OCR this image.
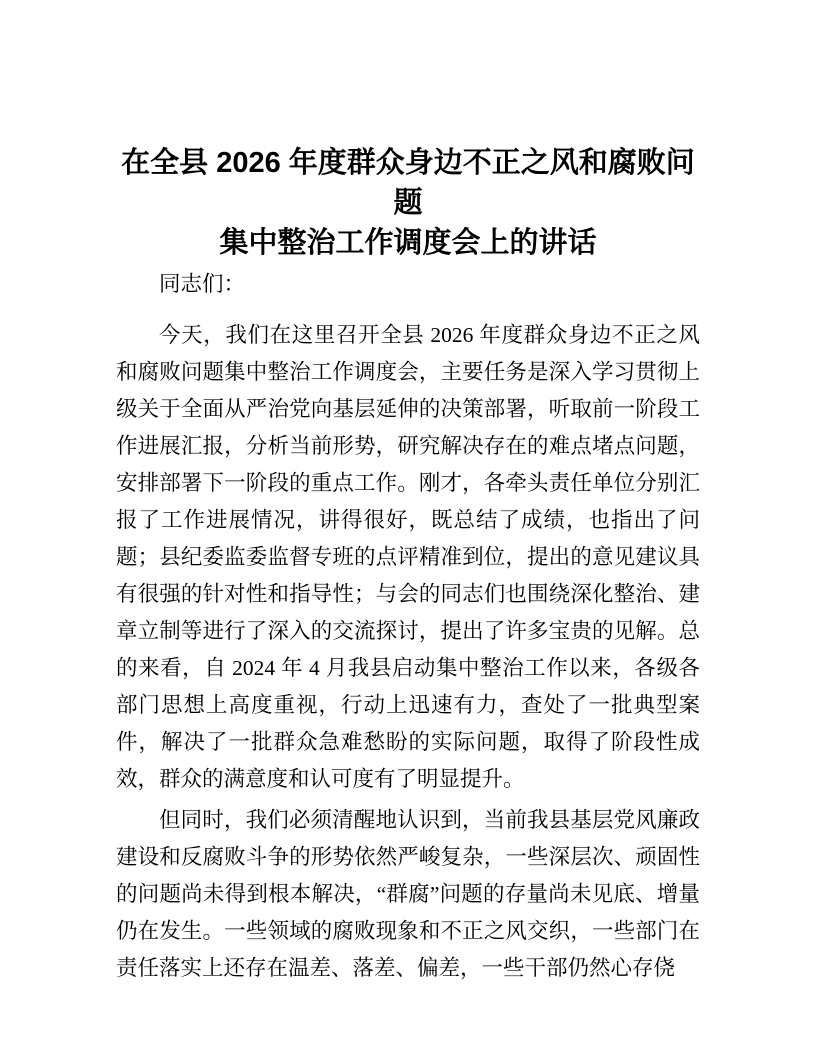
在全县 2026 年度群众身边不正之风和腐败问题
集中整治工作调度会上的讲话

同志们：

今天，我们在这里召开全县 2026 年度群众身边不正之风和腐败问题集中整治工作调度会，主要任务是深入学习贯彻上级关于全面从严治党向基层延伸的决策部署，听取前一阶段工作进展汇报，分析当前形势，研究解决存在的难点堵点问题，安排部署下一阶段的重点工作。刚才，各牵头责任单位分别汇报了工作进展情况，讲得很好，既总结了成绩，也指出了问题；县纪委监委监督专班的点评精准到位，提出的意见建议具有很强的针对性和指导性；与会的同志们也围绕深化整治、建章立制等进行了深入的交流探讨，提出了许多宝贵的见解。总的来看，自 2024 年 4 月我县启动集中整治工作以来，各级各部门思想上高度重视，行动上迅速有力，查处了一批典型案件，解决了一批群众急难愁盼的实际问题，取得了阶段性成效，群众的满意度和认可度有了明显提升。

但同时，我们必须清醒地认识到，当前我县基层党风廉政建设和反腐败斗争的形势依然严峻复杂，一些深层次、顽固性的问题尚未得到根本解决，“群腐”问题的存量尚未见底、增量仍在发生。一些领域的腐败现象和不正之风交织，一些部门在责任落实上还存在温差、落差、偏差，一些干部仍然心存侥
